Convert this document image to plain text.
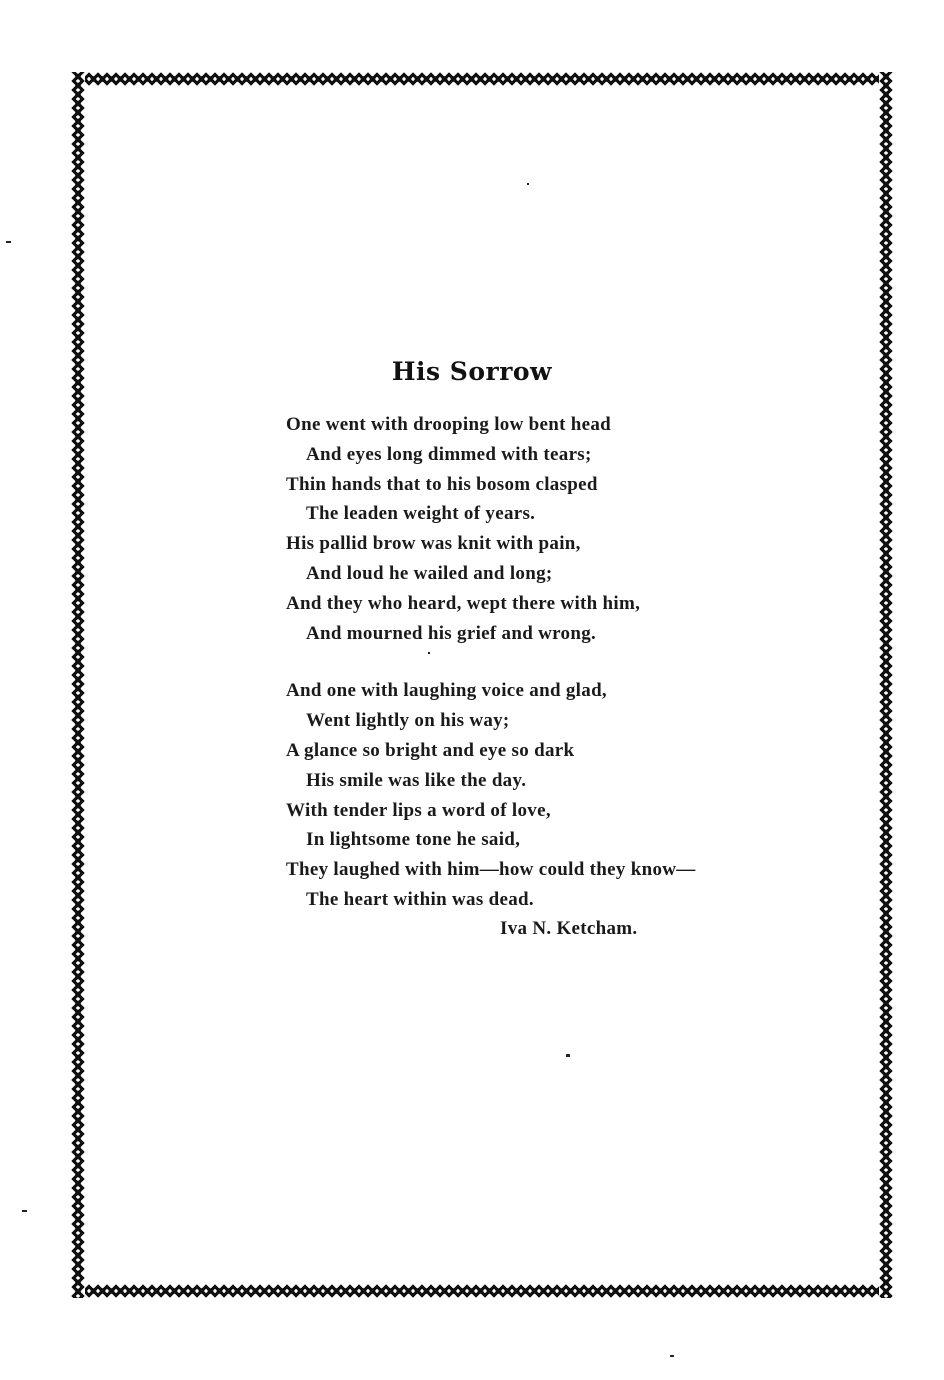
His Sorrow
One went with drooping low bent head
And eyes long dimmed with tears;
Thin hands that to his bosom clasped
The leaden weight of years.
His pallid brow was knit with pain,
And loud he wailed and long;
And they who heard, wept there with him,
And mourned his grief and wrong.
And one with laughing voice and glad,
Went lightly on his way;
A glance so bright and eye so dark
His smile was like the day.
With tender lips a word of love,
In lightsome tone he said,
They laughed with him—how could they know—
The heart within was dead.
Iva N. Ketcham.
